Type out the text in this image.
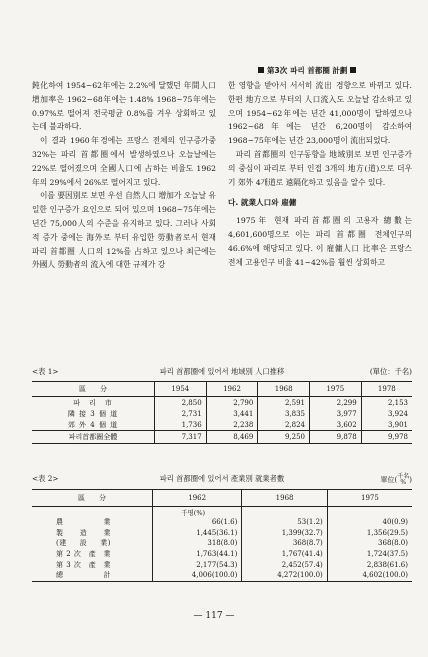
第3次 파리 首都圈 計劃

鈍化하여 1954~62年에는 2.2%에 달했던 年間人口 增加率은 1962~68年에는 1.48% 1968~75年에는 0.97%로 떨어져 전국평균 0.8%를 겨우 상회하고 있는데 불과하다.

이 결과 1960年경에는 프랑스 전체의 인구증가중 32%는 파리 首都圈에서 발생하였으나 오늘날에는 22%로 떨어졌으며 全國人口에 占하는 비율도 1962年의 29%에서 26%로 떨어지고 있다.

이를 要因別로 보면 우선 自然人口 增加가 오늘날 유일한 인구증가 요인으로 되어 있으며 1968~75年에는 년간 75,000人의 수준을 유지하고 있다. 그러나 사회적 증가 중에는 海外로 부터 유입한 勞動者로서 현재 파리 首都圈 人口의 12%를 占하고 있으나 최근에는 外國人 勞動者의 流入에 대한 규제가 강

한 영향을 받아서 서서히 流出 경향으로 바뀌고 있다. 한편 地方으로 부터의 人口流入도 오늘날 감소하고 있으며 1954~62年에는 년간 41,000명이 달하였으나 1962~68年에는 년간 6,200명이 감소하여 1968~75年에는 년간 23,000명이 流出되었다.

파리 首都圈의 인구동향을 地域別로 보면 인구증가의 중심이 파리로 부터 인접 3개의 地方(道)으로 더우기 郊外 4개道로 遠隔化하고 있음을 알수 있다.

다. 就業人口와 雇傭

1975年 현재 파리首都圈의 고용자 總數는 4,601,600명으로 이는 파리 首都圈 전체인구의 46.6%에 해당되고 있다. 이 雇傭人口 比率은 프랑스 전체 고용인구 비율 41~42%를 훨씬 상회하고

<表 1>	파리 首都圈에 있어서 地域別 人口推移	(單位：千名)
區　　分	1954	1962	1968	1975	1978
파　리　市	2,850	2,790	2,591	2,299	2,153
隣 接 3 個 道	2,731	3,441	3,835	3,977	3,924
郊 外 4 個 道	1,736	2,238	2,824	3,602	3,901
파리首都圈全體	7,317	8,469	9,250	9,878	9,978
<表 2>	파리 首都圈에 있어서 產業別 就業者數	單位(千名
% )
區　　分	1962	1968	1975
	千명(%)		

農 業	66(1.6)	53(1.2)	40(0.9)

製 造 業	1,445(36.1)	1,399(32.7)	1,356(29.5)

(建 設 業)	318(8.0)	368(8.7)	368(8.0)

第 2 次 產 業	1,763(44.1)	1,767(41.4)	1,724(37.5)

第 3 次 產 業	2,177(54.3)	2,452(57.4)	2,838(61.6)

總 計	4,006(100.0)	4,272(100.0)	4,602(100.0)
— 117 —
